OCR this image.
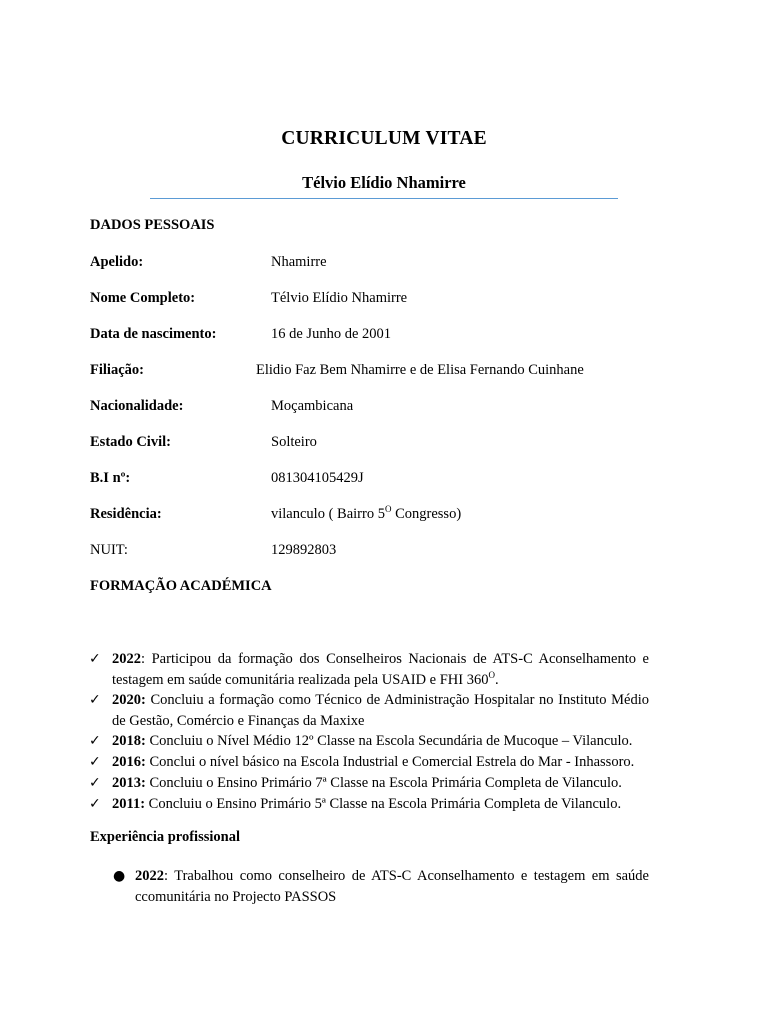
CURRICULUM VITAE
Télvio Elídio Nhamirre
DADOS PESSOAIS
Apelido:	Nhamirre
Nome Completo:	Télvio Elídio Nhamirre
Data de nascimento:	16 de Junho de 2001
Filiação:	Elidio Faz Bem Nhamirre e de Elisa Fernando Cuinhane
Nacionalidade:	Moçambicana
Estado Civil:	Solteiro
B.I nº:	081304105429J
Residência:	vilanculo ( Bairro $5^O$ Congresso)
NUIT:	129892803
FORMAÇÃO ACADÉMICA
✓ 2022: Participou da formação dos Conselheiros Nacionais de ATS-C Aconselhamento e testagem em saúde comunitária realizada pela USAID e FHI $360^O$.
✓ 2020: Concluiu a formação como Técnico de Administração Hospitalar no Instituto Médio de Gestão, Comércio e Finanças da Maxixe
✓ 2018: Concluiu o Nível Médio 12º Classe na Escola Secundária de Mucoque – Vilanculo.
✓ 2016: Conclui o nível básico na Escola Industrial e Comercial Estrela do Mar - Inhassoro.
✓ 2013: Concluiu o Ensino Primário 7ª Classe na Escola Primária Completa de Vilanculo.
✓ 2011: Concluiu o Ensino Primário 5ª Classe na Escola Primária Completa de Vilanculo.
Experiência profissional
● 2022: Trabalhou como conselheiro de ATS-C Aconselhamento e testagem em saúde ccomunitária no Projecto PASSOS
